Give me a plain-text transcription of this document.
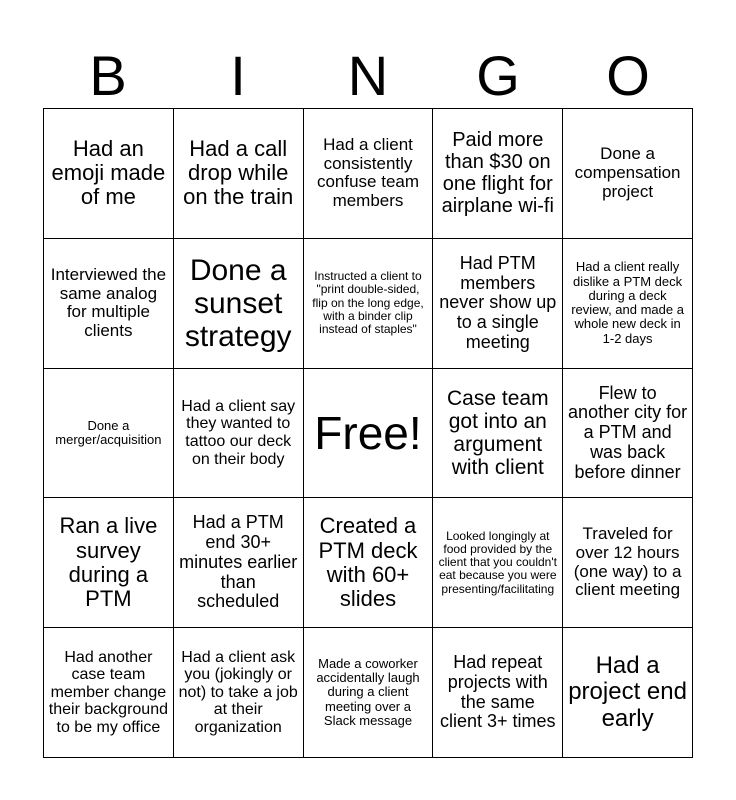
B	I	N	G	O
Had an emoji made of me
Had a call drop while on the train
Had a client consistently confuse team members
Paid more than $30 on one flight for airplane wi-fi
Done a compensation project
Interviewed the same analog for multiple clients
Done a sunset strategy
Instructed a client to "print double-sided, flip on the long edge, with a binder clip instead of staples"
Had PTM members never show up to a single meeting
Had a client really dislike a PTM deck during a deck review, and made a whole new deck in 1-2 days
Done a merger/acquisition
Had a client say they wanted to tattoo our deck on their body
Free!
Case team got into an argument with client
Flew to another city for a PTM and was back before dinner
Ran a live survey during a PTM
Had a PTM end 30+ minutes earlier than scheduled
Created a PTM deck with 60+ slides
Looked longingly at food provided by the client that you couldn't eat because you were presenting/facilitating
Traveled for over 12 hours (one way) to a client meeting
Had another case team member change their background to be my office
Had a client ask you (jokingly or not) to take a job at their organization
Made a coworker accidentally laugh during a client meeting over a Slack message
Had repeat projects with the same client 3+ times
Had a project end early
